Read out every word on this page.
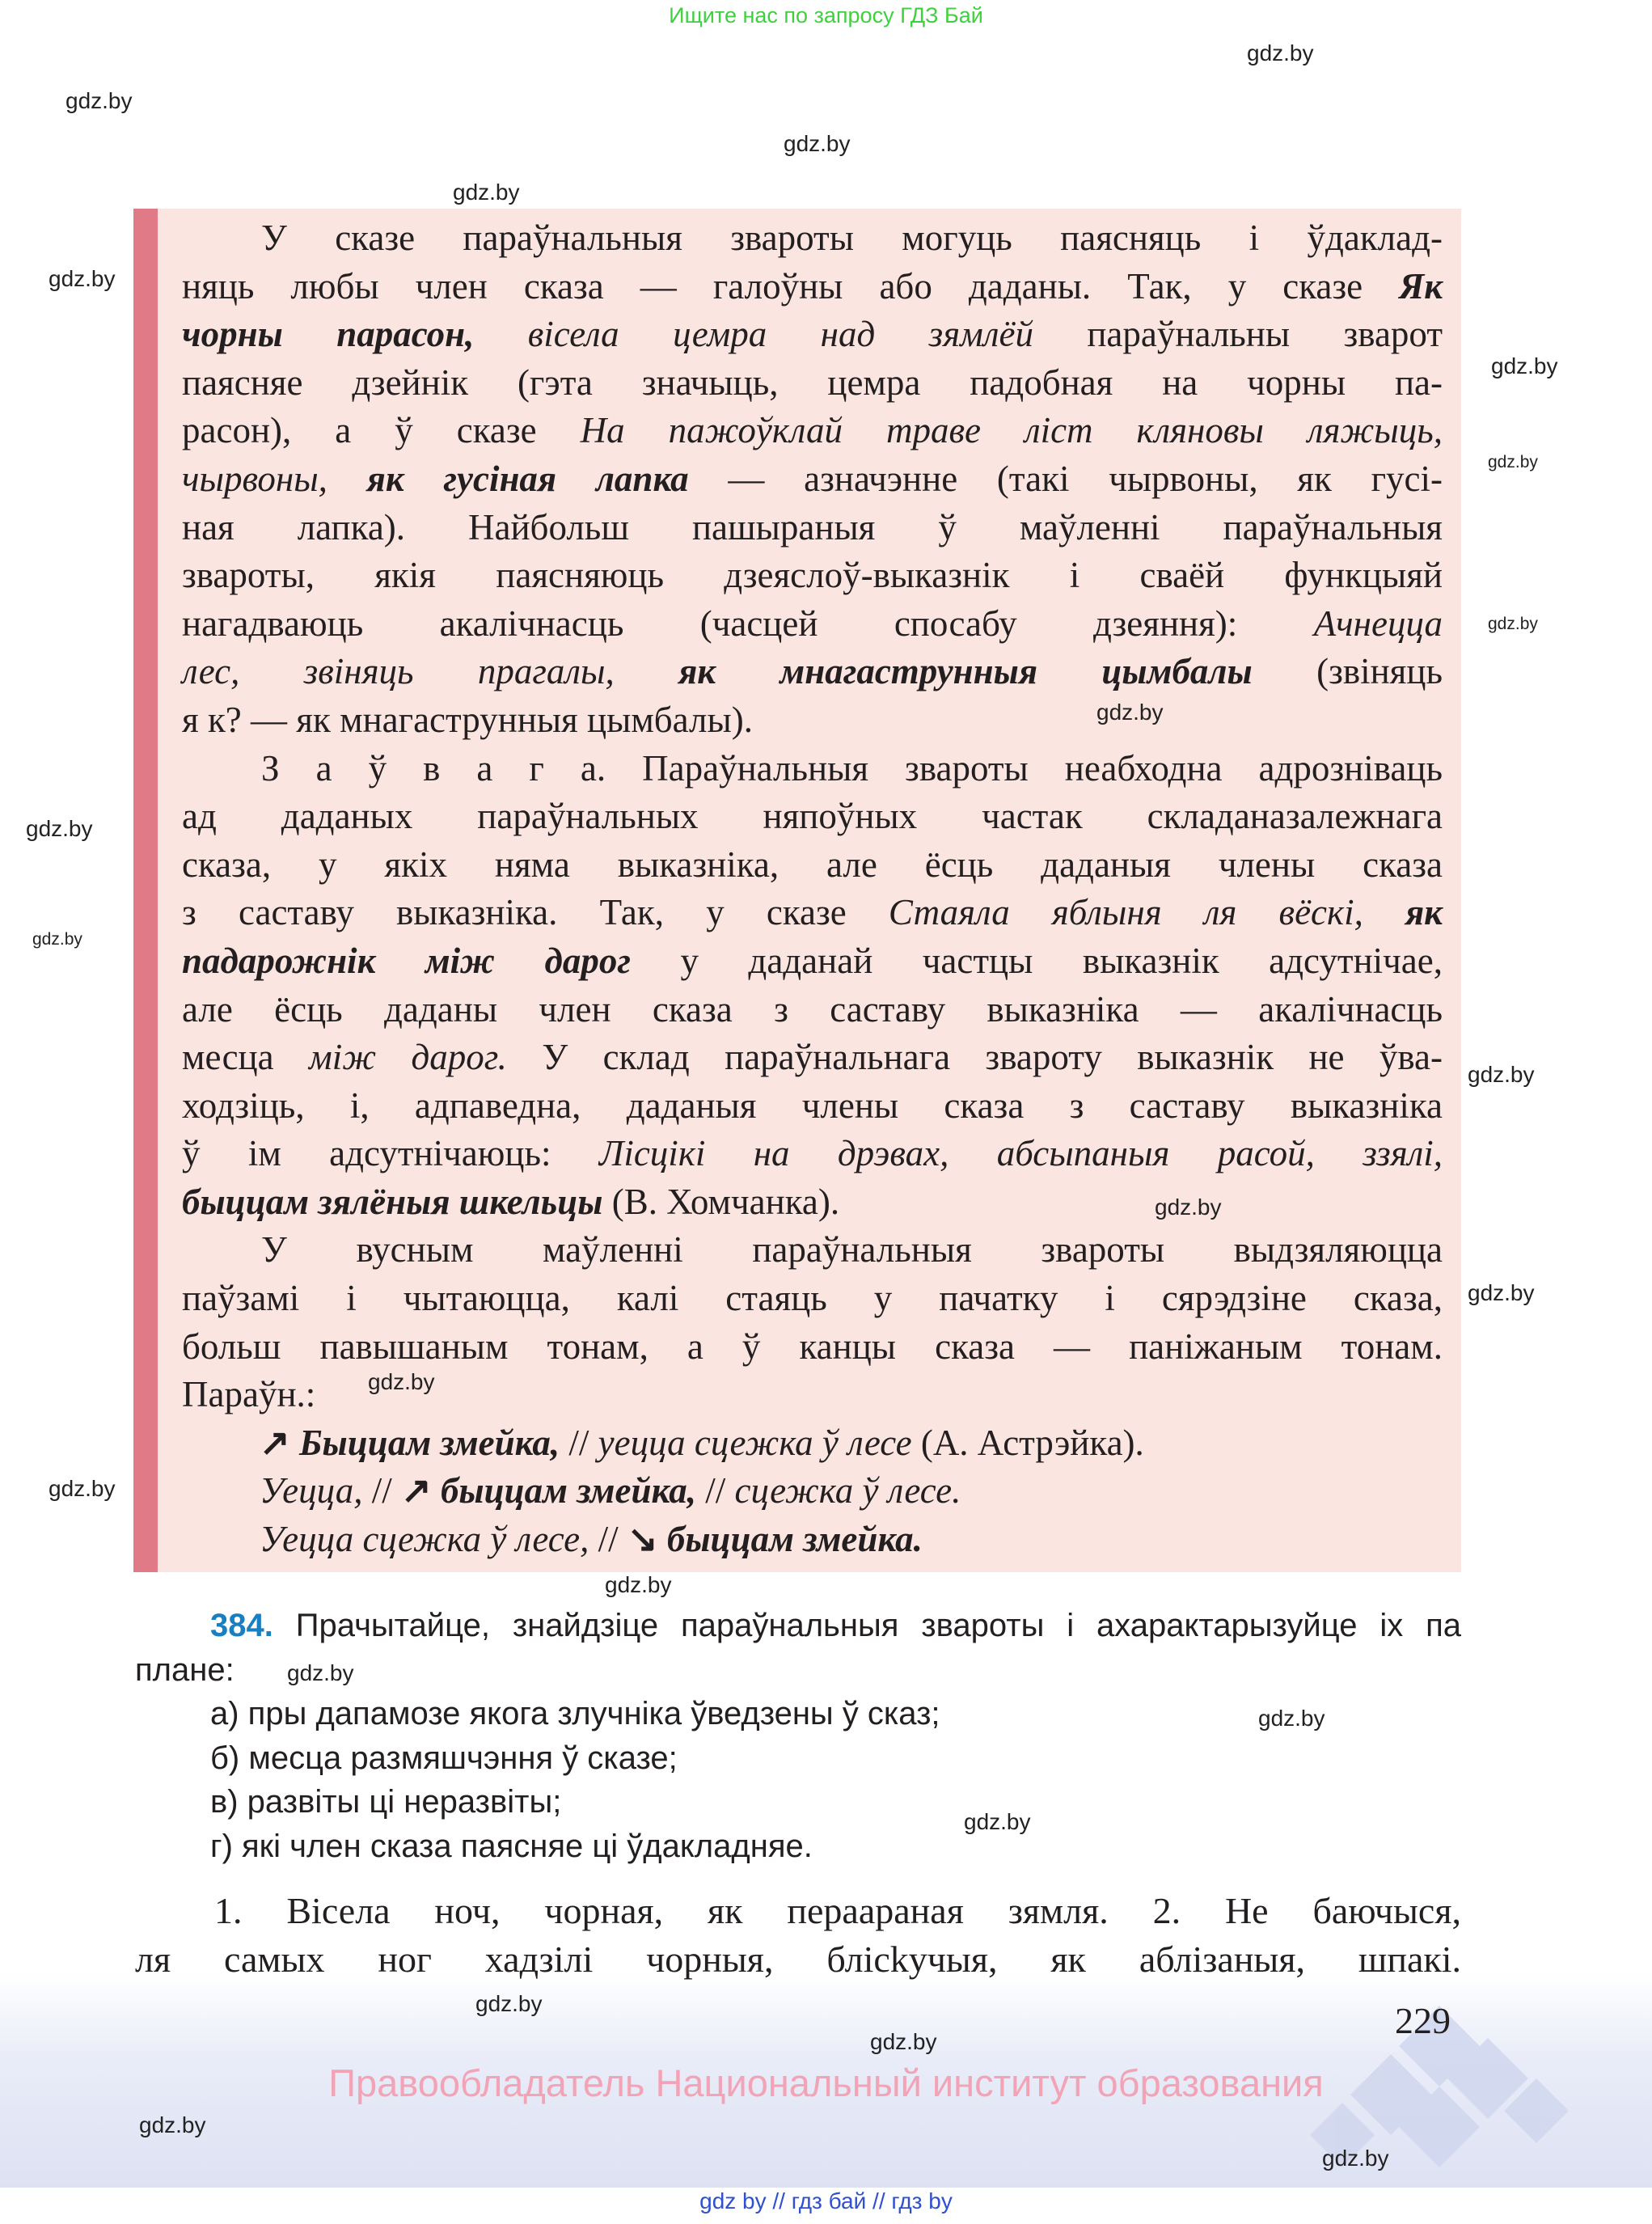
Ищите нас по запросу ГДЗ Бай
У сказе параўнальныя звароты могуць паясняць і ўдаклад-
няць любы член сказа — галоўны або даданы. Так, у сказе Як
чорны парасон, вісела цемра над зямлёй параўнальны зварот
паясняе дзейнік (гэта значыць, цемра падобная на чорны па-
расон), а ў сказе На пажоўклай траве ліст кляновы ляжыць,
чырвоны, як гусіная лапка — азначэнне (такі чырвоны, як гусі-
ная лапка). Найбольш пашыраныя ў маўленні параўнальныя
звароты, якія паясняюць дзеяслоў-выказнік і сваёй функцыяй
нагадваюць акалічнасць (часцей спосабу дзеяння): Ачнецца
лес, звіняць прагалы, як мнагаструнныя цымбалы (звіняць
я к? — як мнагаструнныя цымбалы).
З а ў в а г а. Параўнальныя звароты неабходна адрозніваць
ад даданых параўнальных няпоўных частак складаназалежнага
сказа, у якіх няма выказніка, але ёсць даданыя члены сказа
з саставу выказніка. Так, у сказе Стаяла яблыня ля вёскі, як
падарожнік між дарог у даданай частцы выказнік адсутнічае,
але ёсць даданы член сказа з саставу выказніка — акалічнасць
месца між дарог. У склад параўнальнага звароту выказнік не ўва-
ходзіць, і, адпаведна, даданыя члены сказа з саставу выказніка
ў ім адсутнічаюць: Лісцікі на дрэвах, абсыпаныя расой, ззялі,
быццам зялёныя шкельцы (В. Хомчанка).
У вусным маўленні параўнальныя звароты выдзяляюцца
паўзамі і чытаюцца, калі стаяць у пачатку і сярэдзіне сказа,
больш павышаным тонам, а ў канцы сказа — паніжаным тонам.
Параўн.:
↗ Быццам змейка, // уецца сцежка ў лесе (А. Астрэйка).
Уецца, // ↗ быццам змейка, // сцежка ў лесе.
Уецца сцежка ў лесе, // ↘ быццам змейка.
384. Прачытайце, знайдзіце параўнальныя звароты і ахарактарызуйце іх па
плане:
а) пры дапамозе якога злучніка ўведзены ў сказ;
б) месца размяшчэння ў сказе;
в) развіты ці неразвіты;
г) які член сказа паясняе ці ўдакладняе.
1. Вісела ноч, чорная, як пераараная зямля. 2. Не баючыся,
ля самых ног хадзілі чорныя, блісkучыя, як аблізаныя, шпакі.
229
Правообладатель Национальный институт образования
gdz by // гдз бай // гдз by
gdz.by
gdz.by
gdz.by
gdz.by
gdz.by
gdz.by
gdz.by
gdz.by
gdz.by
gdz.by
gdz.by
gdz.by
gdz.by
gdz.by
gdz.by
gdz.by
gdz.by
gdz.by
gdz.by
gdz.by
gdz.by
gdz.by
gdz.by
gdz.by
